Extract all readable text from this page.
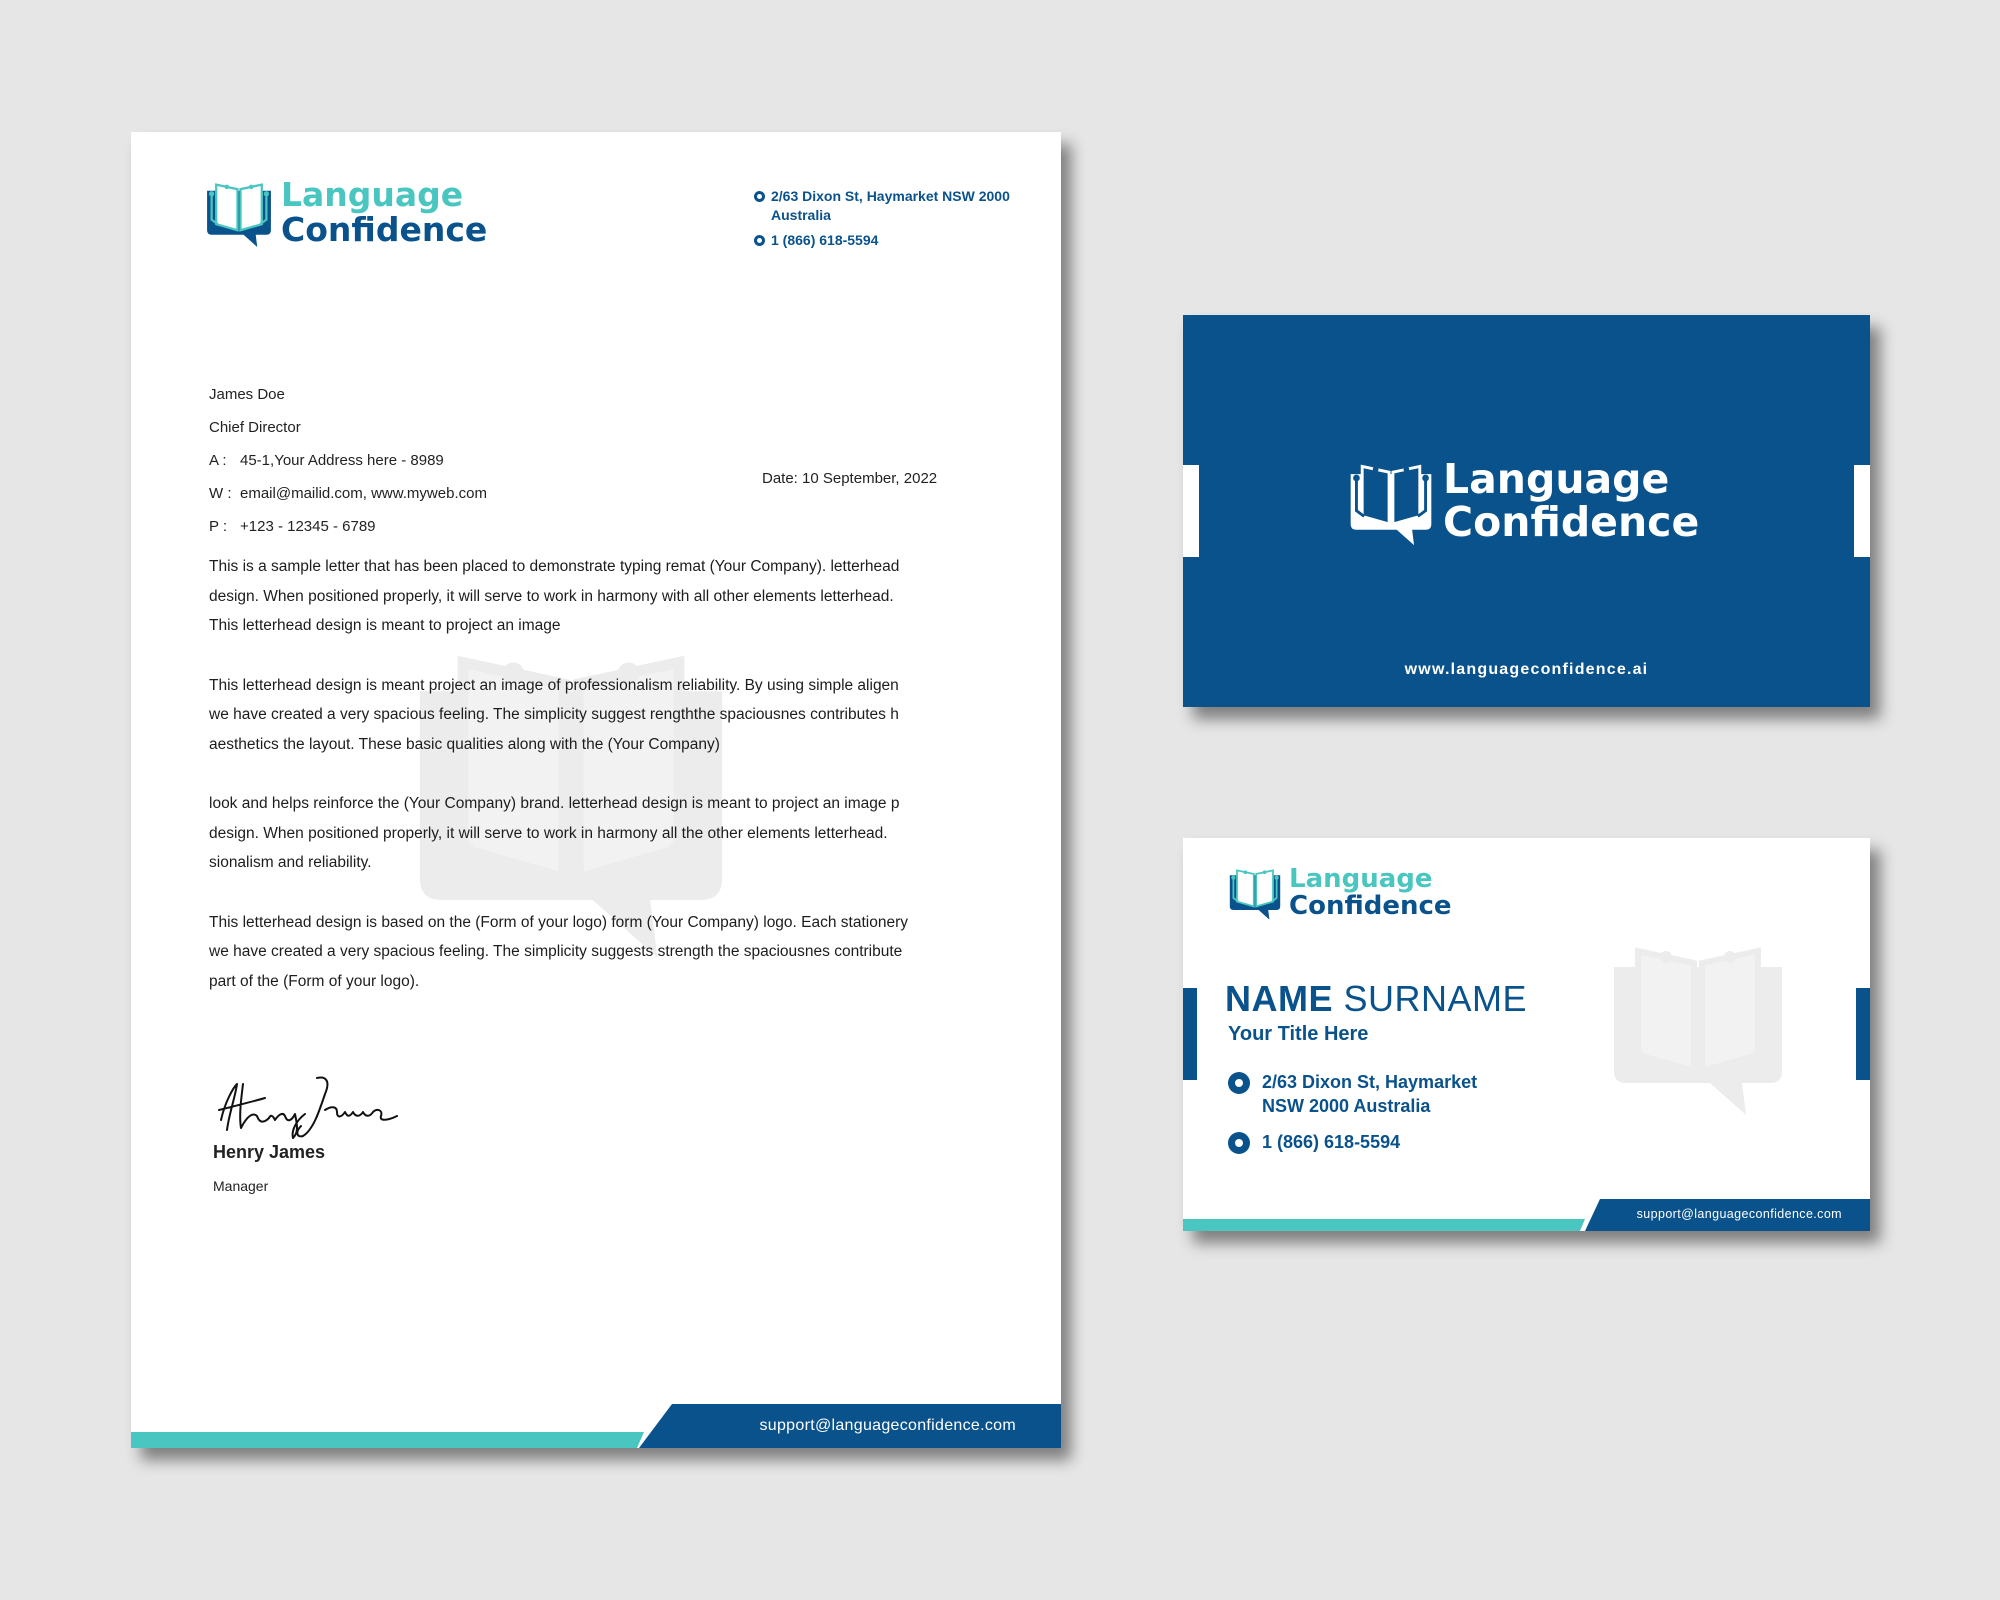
Language
Confidence
2/63 Dixon St, Haymarket NSW 2000
Australia
1 (866) 618-5594
James Doe
Chief Director
A : 45-1,Your Address here - 8989
W : email@mailid.com, www.myweb.com
P : +123 - 12345 - 6789
Date: 10 September, 2022

This is a sample letter that has been placed to demonstrate typing remat (Your Company). letterhead
design. When positioned properly, it will serve to work in harmony with all other elements letterhead.
This letterhead design is meant to project an image

This letterhead design is meant project an image of professionalism reliability. By using simple aligen
we have created a very spacious feeling. The simplicity suggest rengththe spaciousnes contributes h
aesthetics the layout. These basic qualities along with the (Your Company)

look and helps reinforce the (Your Company) brand. letterhead design is meant to project an image p
design. When positioned properly, it will serve to work in harmony all the other elements letterhead.
sionalism and reliability.

This letterhead design is based on the (Form of your logo) form (Your Company) logo. Each stationery
we have created a very spacious feeling. The simplicity suggests strength the spaciousnes contribute
part of the (Form of your logo).

Henry James
Manager
support@languageconfidence.com
Language
Confidence
www.languageconfidence.ai
Language
Confidence
NAME SURNAME
Your Title Here
2/63 Dixon St, Haymarket
NSW 2000 Australia
1 (866) 618-5594
support@languageconfidence.com
